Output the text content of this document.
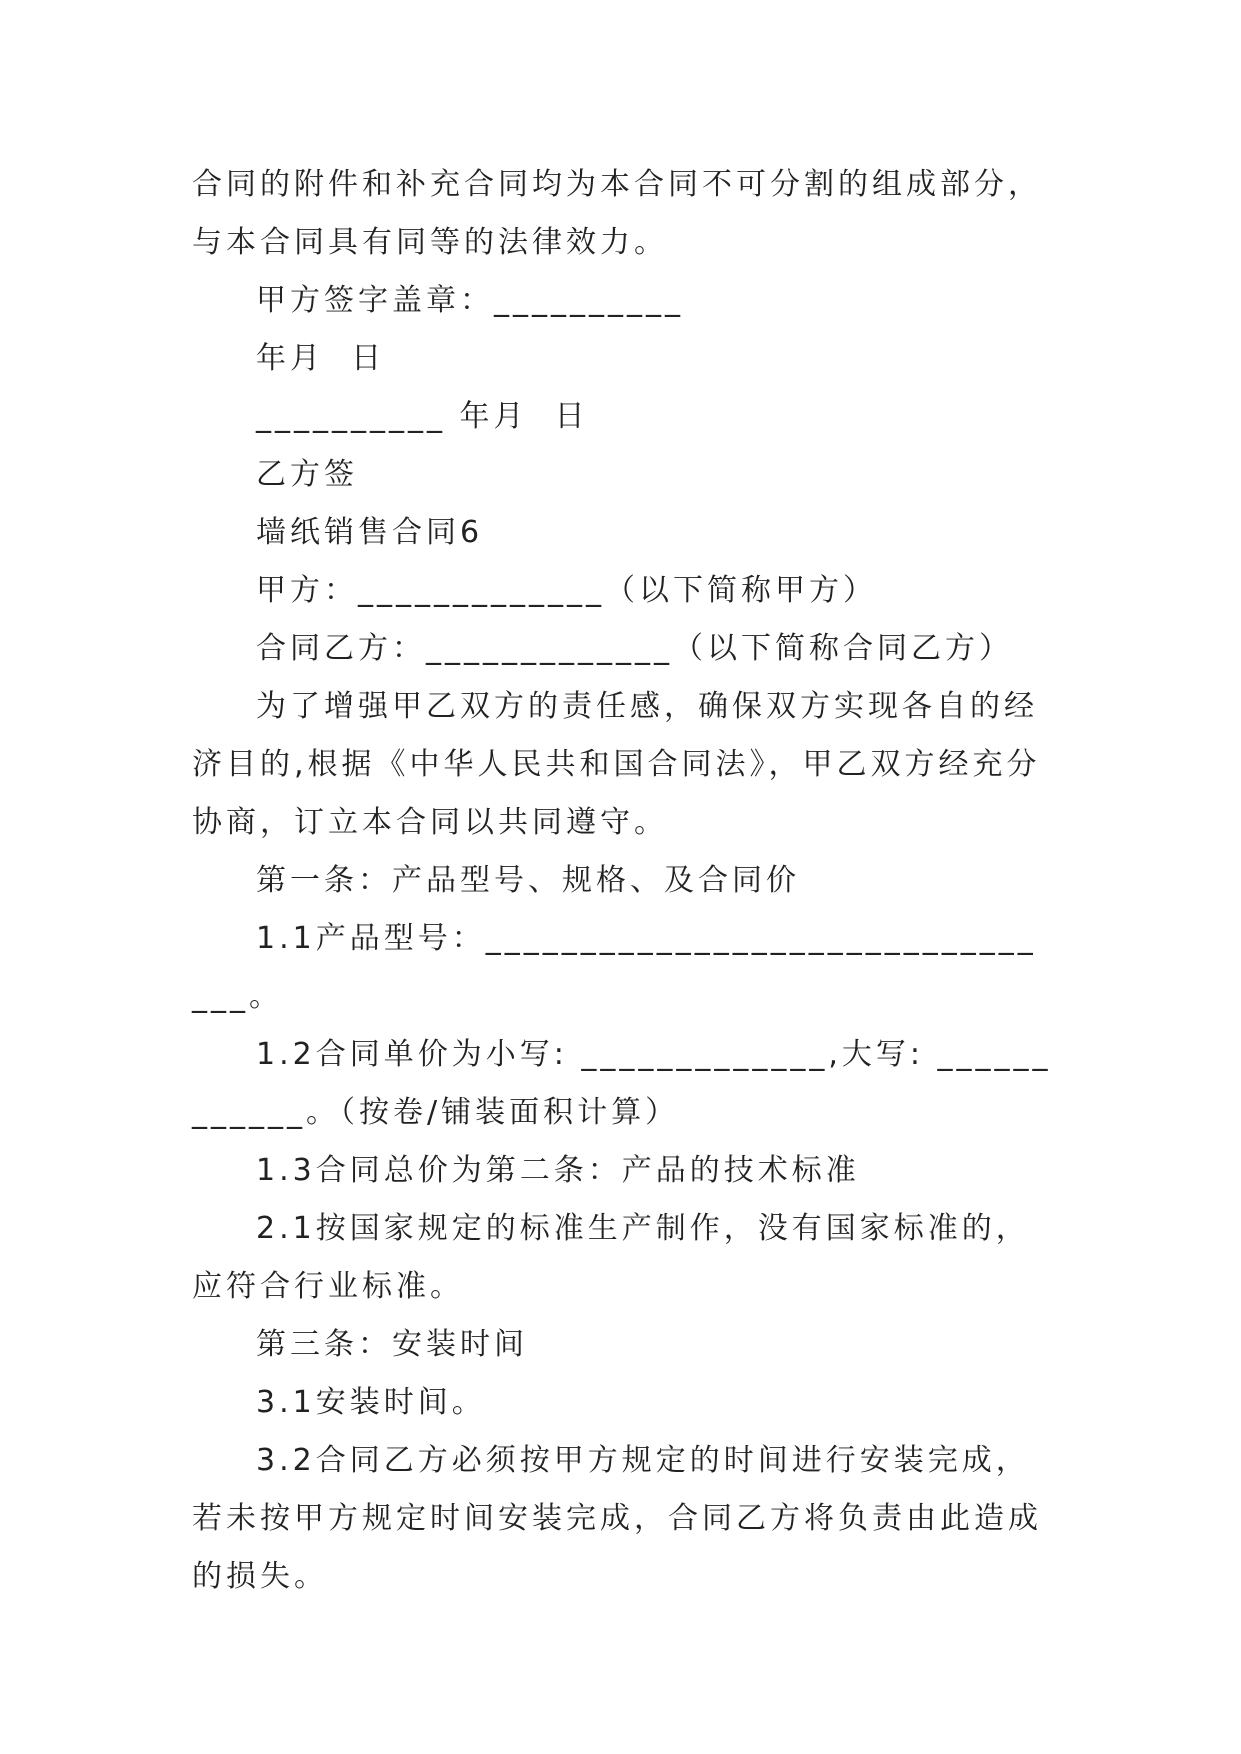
合同的附件和补充合同均为本合同不可分割的组成部分，与本合同具有同等的法律效力。

甲方签字盖章：__________

年月  日

__________ 年月  日

乙方签

墙纸销售合同6

甲方：_____________（以下简称甲方）

合同乙方：_____________（以下简称合同乙方）

为了增强甲乙双方的责任感，确保双方实现各自的经济目的,根据《中华人民共和国合同法》，甲乙双方经充分协商，订立本合同以共同遵守。

第一条：产品型号、规格、及合同价

1.1产品型号：________________________________。

1.2合同单价为小写: _____________,大写: ____________。（按卷/铺装面积计算）

1.3合同总价为第二条：产品的技术标准

2.1按国家规定的标准生产制作，没有国家标准的，应符合行业标准。

第三条：安装时间

3.1安装时间。

3.2合同乙方必须按甲方规定的时间进行安装完成，若未按甲方规定时间安装完成，合同乙方将负责由此造成的损失。
